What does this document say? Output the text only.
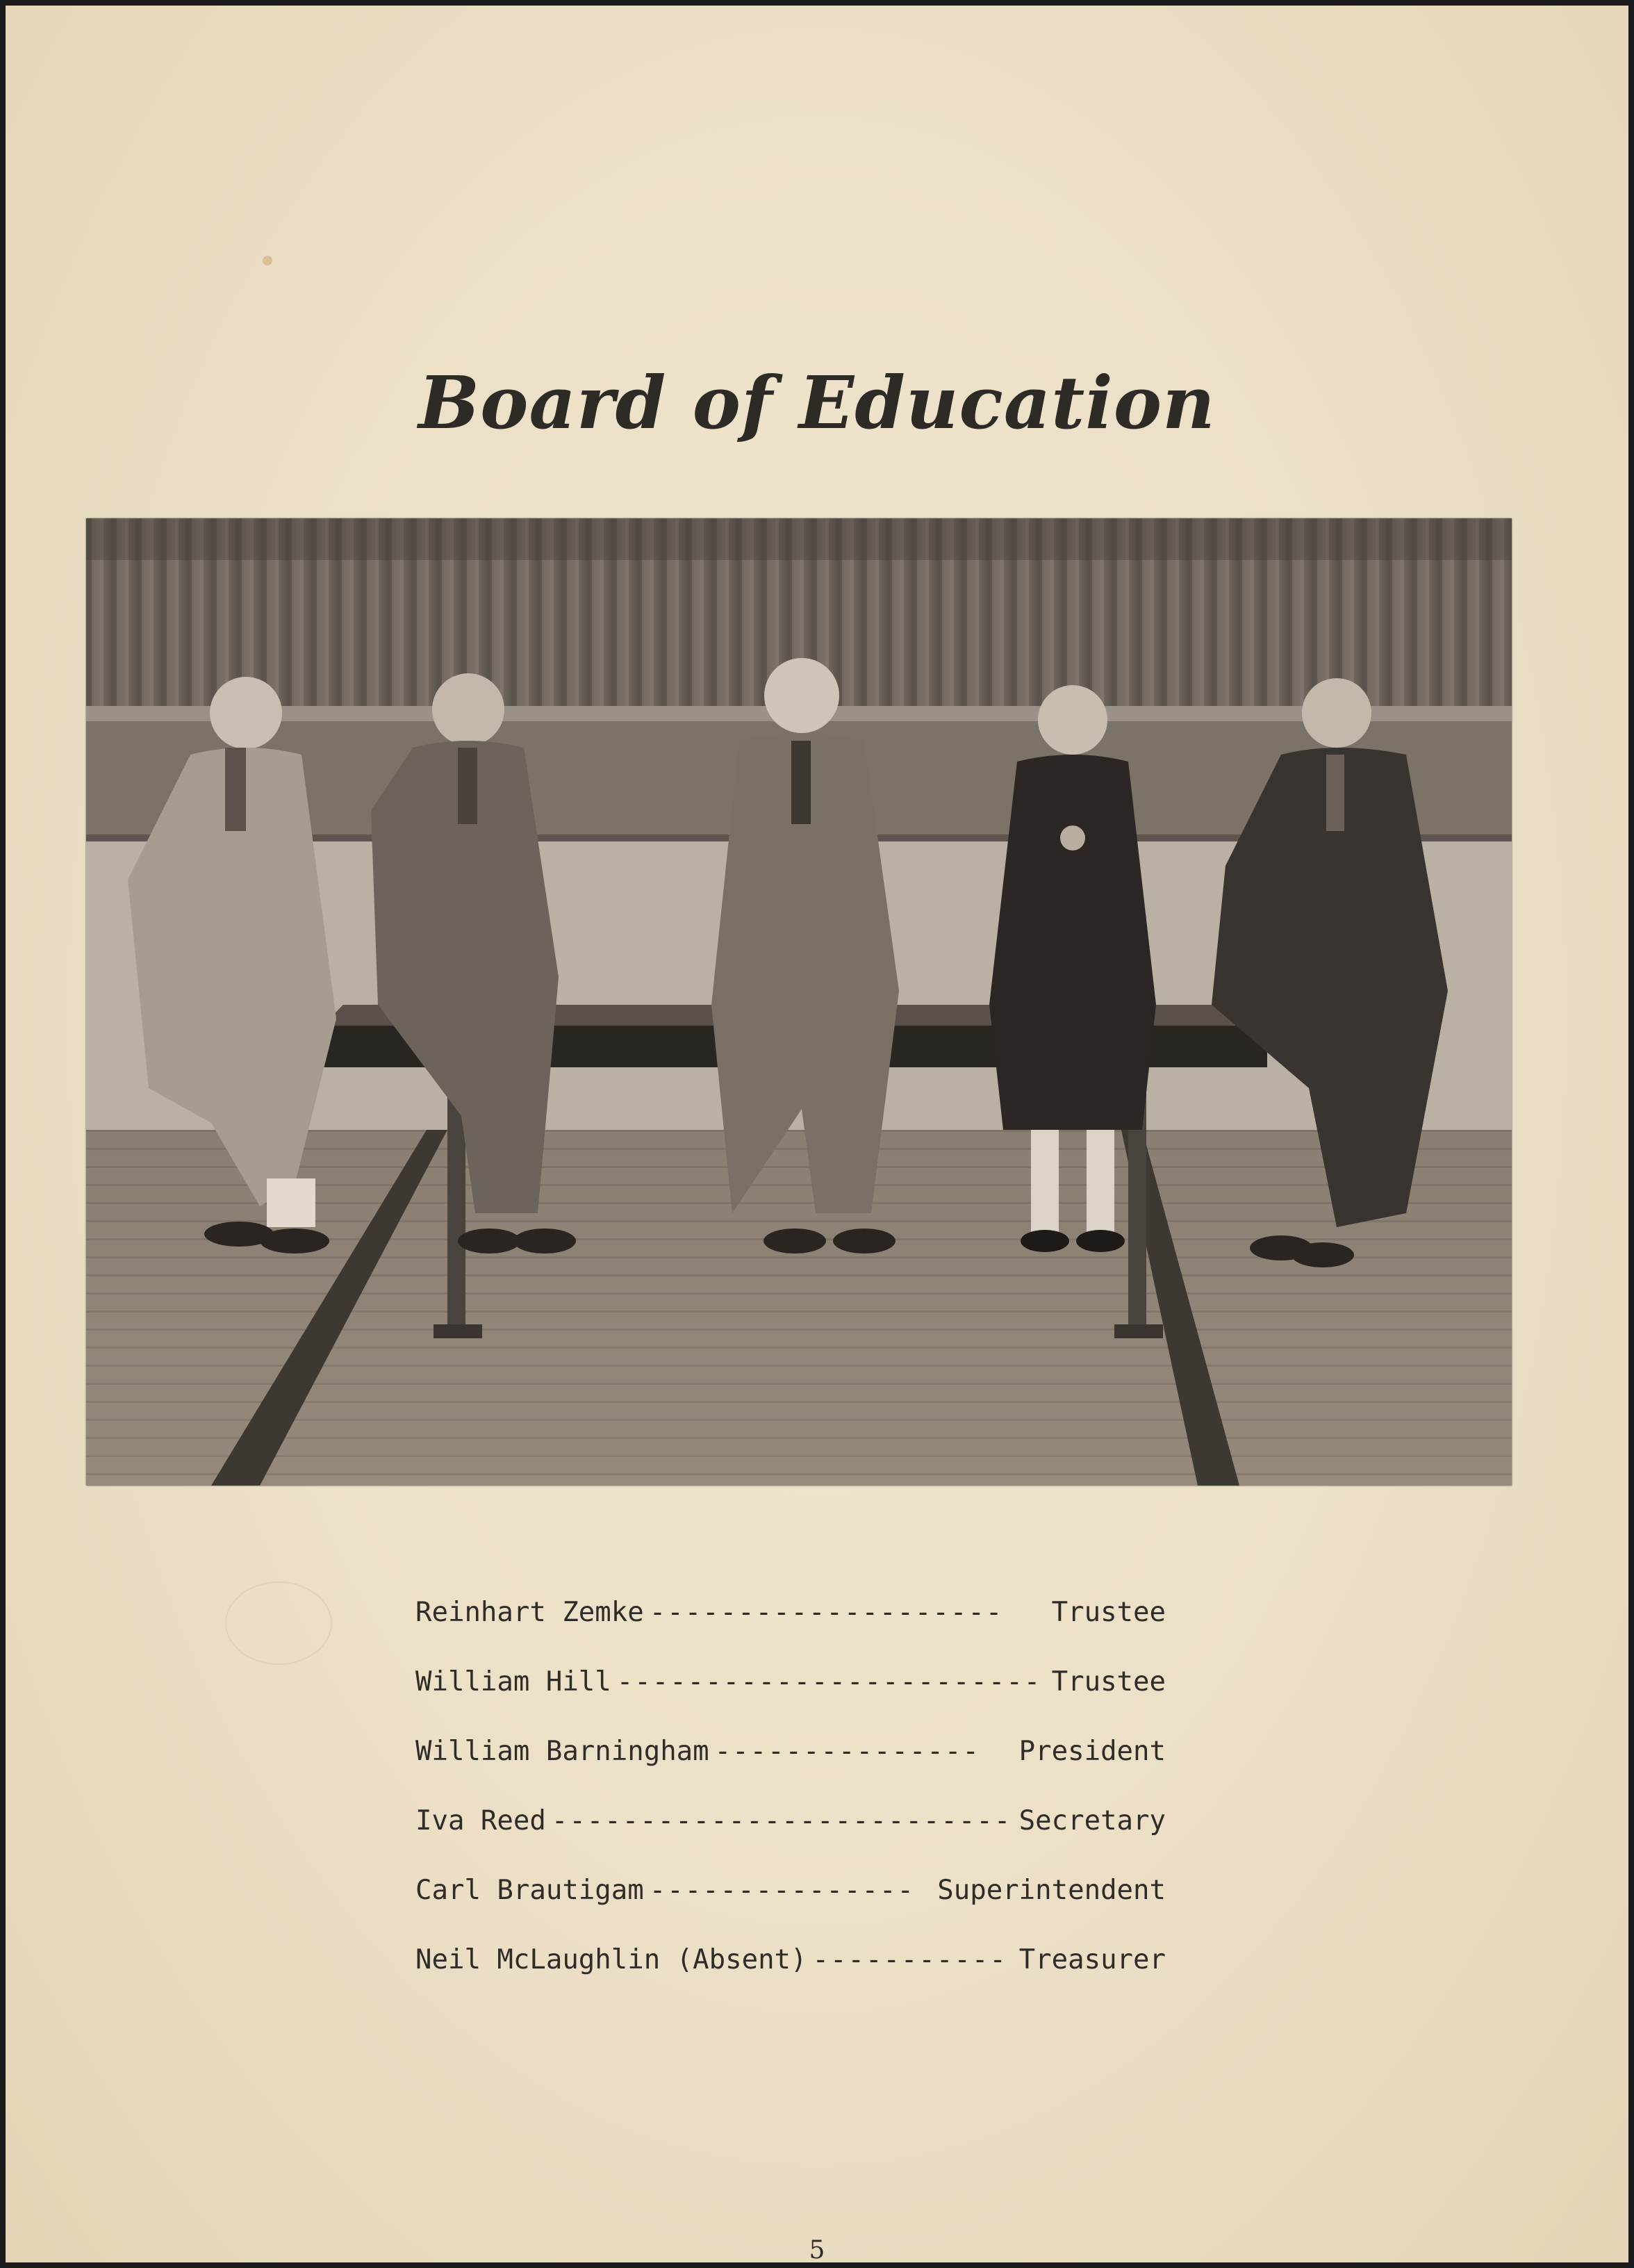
Board of Education
Reinhart Zemke --------------------	Trustee
William Hill ------------------------ Trustee
William Barningham ---------------	President
Iva Reed -------------------------- Secretary
Carl Brautigam --------------- Superintendent
Neil McLaughlin (Absent) ----------- Treasurer
5
